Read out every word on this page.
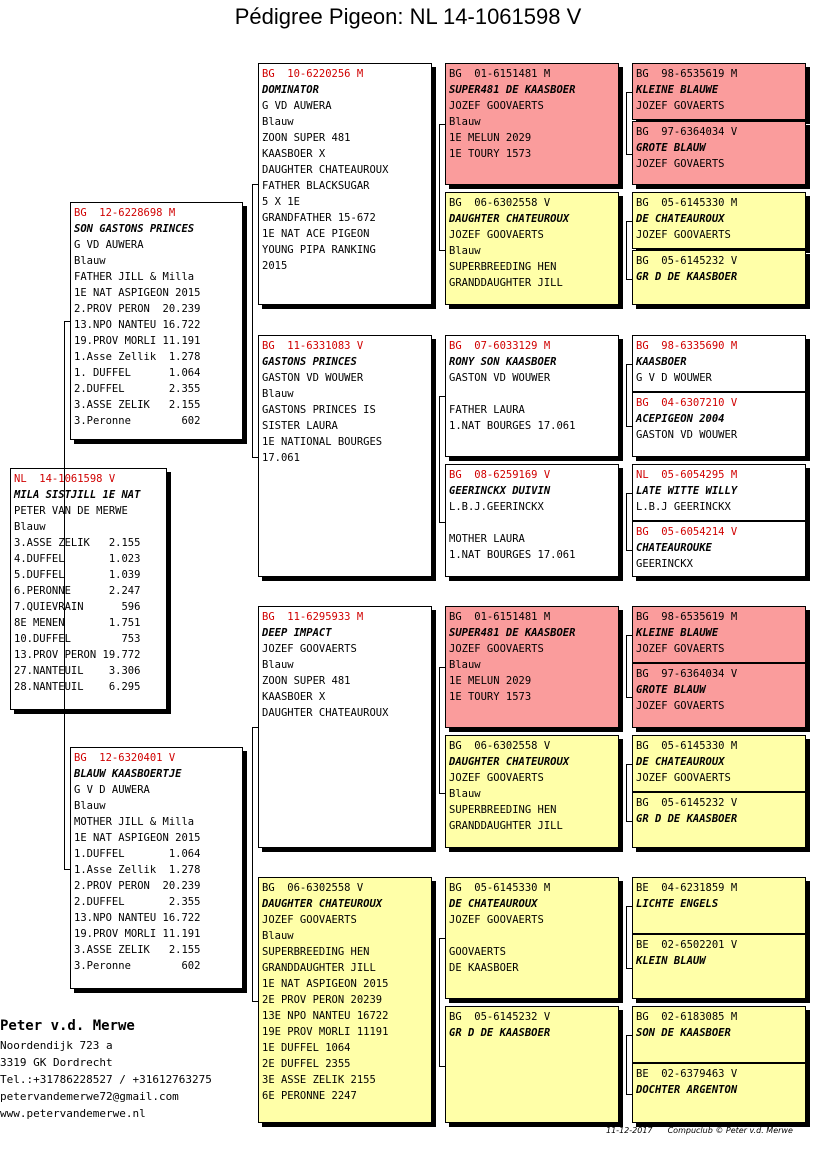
Pédigree Pigeon: NL 14-1061598 V
NL  14-1061598 V
MILA SISTJILL 1E NAT
PETER VAN DE MERWE
Blauw
3.ASSE ZELIK   2.155
4.DUFFEL       1.023
5.DUFFEL       1.039
6.PERONNE      2.247
7.QUIEVRAIN      596
8E MENEN       1.751
10.DUFFEL        753
13.PROV PERON 19.772
27.NANTEUIL    3.306
28.NANTEUIL    6.295
BG  12-6228698 M
SON GASTONS PRINCES
G VD AUWERA
Blauw
FATHER JILL & Milla
1E NAT ASPIGEON 2015
2.PROV PERON  20.239
13.NPO NANTEU 16.722
19.PROV MORLI 11.191
1.Asse Zellik  1.278
1. DUFFEL      1.064
2.DUFFEL       2.355
3.ASSE ZELIK   2.155
3.Peronne        602
BG  12-6320401 V
BLAUW KAASBOERTJE
G V D AUWERA
Blauw
MOTHER JILL & Milla
1E NAT ASPIGEON 2015
1.DUFFEL       1.064
1.Asse Zellik  1.278
2.PROV PERON  20.239
2.DUFFEL       2.355
13.NPO NANTEU 16.722
19.PROV MORLI 11.191
3.ASSE ZELIK   2.155
3.Peronne        602
BG  10-6220256 M
DOMINATOR
G VD AUWERA
Blauw
ZOON SUPER 481
KAASBOER X
DAUGHTER CHATEAUROUX
FATHER BLACKSUGAR
5 X 1E
GRANDFATHER 15-672
1E NAT ACE PIGEON
YOUNG PIPA RANKING
2015
BG  11-6331083 V
GASTONS PRINCES
GASTON VD WOUWER
Blauw
GASTONS PRINCES IS
SISTER LAURA
1E NATIONAL BOURGES
17.061
BG  11-6295933 M
DEEP IMPACT
JOZEF GOOVAERTS
Blauw
ZOON SUPER 481
KAASBOER X
DAUGHTER CHATEAUROUX
BG  06-6302558 V
DAUGHTER CHATEUROUX
JOZEF GOOVAERTS
Blauw
SUPERBREEDING HEN
GRANDDAUGHTER JILL
1E NAT ASPIGEON 2015
2E PROV PERON 20239
13E NPO NANTEU 16722
19E PROV MORLI 11191
1E DUFFEL 1064
2E DUFFEL 2355
3E ASSE ZELIK 2155
6E PERONNE 2247
BG  01-6151481 M
SUPER481 DE KAASBOER
JOZEF GOOVAERTS
Blauw
1E MELUN 2029
1E TOURY 1573
BG  06-6302558 V
DAUGHTER CHATEUROUX
JOZEF GOOVAERTS
Blauw
SUPERBREEDING HEN
GRANDDAUGHTER JILL
BG  07-6033129 M
RONY SON KAASBOER
GASTON VD WOUWER
FATHER LAURA
1.NAT BOURGES 17.061
BG  08-6259169 V
GEERINCKX DUIVIN
L.B.J.GEERINCKX
MOTHER LAURA
1.NAT BOURGES 17.061
BG  01-6151481 M
SUPER481 DE KAASBOER
JOZEF GOOVAERTS
Blauw
1E MELUN 2029
1E TOURY 1573
BG  06-6302558 V
DAUGHTER CHATEUROUX
JOZEF GOOVAERTS
Blauw
SUPERBREEDING HEN
GRANDDAUGHTER JILL
BG  05-6145330 M
DE CHATEAUROUX
JOZEF GOOVAERTS
GOOVAERTS
DE KAASBOER
BG  05-6145232 V
GR D DE KAASBOER
BG  98-6535619 M
KLEINE BLAUWE
JOZEF GOVAERTS
BG  97-6364034 V
GROTE BLAUW
JOZEF GOVAERTS
BG  05-6145330 M
DE CHATEAUROUX
JOZEF GOOVAERTS
BG  05-6145232 V
GR D DE KAASBOER
BG  98-6335690 M
KAASBOER
G V D WOUWER
BG  04-6307210 V
ACEPIGEON 2004
GASTON VD WOUWER
NL  05-6054295 M
LATE WITTE WILLY
L.B.J GEERINCKX
BG  05-6054214 V
CHATEAUROUKE
GEERINCKX
BG  98-6535619 M
KLEINE BLAUWE
JOZEF GOVAERTS
BG  97-6364034 V
GROTE BLAUW
JOZEF GOVAERTS
BG  05-6145330 M
DE CHATEAUROUX
JOZEF GOOVAERTS
BG  05-6145232 V
GR D DE KAASBOER
BE  04-6231859 M
LICHTE ENGELS
BE  02-6502201 V
KLEIN BLAUW
BG  02-6183085 M
SON DE KAASBOER
BE  02-6379463 V
DOCHTER ARGENTON
Peter v.d. Merwe
Noordendijk 723 a
3319 GK Dordrecht
Tel.:+31786228527 / +31612763275
petervandemerwe72@gmail.com
www.petervandemerwe.nl
11-12-2017 Compuclub © Peter v.d. Merwe
